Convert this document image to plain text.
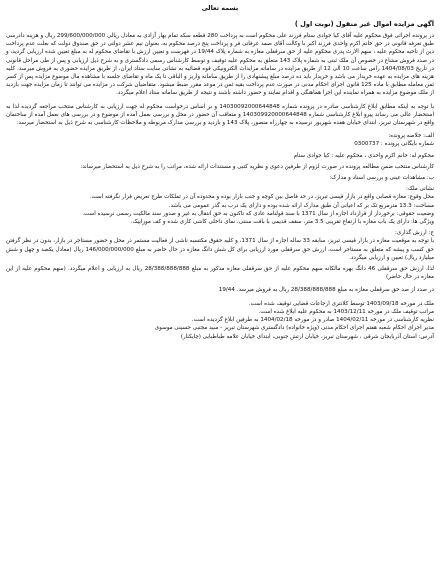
بسمه تعالی
آگهی مزایده اموال غیر منقول (نوبت اول )

در پرونده اجرائی فوق محکوم علیه آقای کیا جوادی ستام فرزند علی محکوم است به پرداخت 280 قطعه سکه تمام بهار آزادی به معادل ریالی 299/600/000/000 ریال و هزینه دادرسی طبق تعرفه قانونی در حق خانم اکرم واحدی فرزند اکبر با وکالت آقای صمد عرفانی فر و پرداخت پنج درصد محکوم به، بعنوان نیم عشر دولتی در حق صندوق دولت که بعلت عدم پرداخت دین از ناحیه محکوم علیه ، سهم الارث پدری محکوم علیه از حق سرقفلی مغازه به شماره پلاک 19/44 در فهرست و تعیین ارزش با تقاضای محکوم له به مبلغ تعیین شده ارزیابی گردید، و در صدد فروش مشاع در خصوص آن ملک ثبتی به شماره پلاک 143 متعلق به محکوم علیه توقیف و توسط کارشناس رسمی دادگستری و به شرح ذیل ارزیابی و پس از طی مراحل قانونی در تاریخ 1404/08/03 راس ساعت 10 الی 12 از طریق مزایده در سامانه مزایدات الکترونیکی قوه قضائیه به نشانی سایت ستاد ایران، از طریق مزایده حضوری به فروش میرسد. کلیه هزینه های مزایده به عهده خریدار می باشد و خریدار باید ده درصد مبلغ پیشنهادی را از طریق سامانه واریز و الباقی تا یک ماه و تقاضای جلسه با مشاهده مال موضوع مزایده پس از کسر ثمن معامله مطابق با ماده 125 قانون اجرای احکام مدنی در صورت عدم پرداخت بقیه ثمن در موعد مقرر ضبط میشود. متقاضیان شرکت در مزایده می توانند تا زمان مزایده جهت بازدید از ملک موضوع مزایده به همراه نماینده این اجرا هماهنگی و اقدام نمایند و حضور داشته باشند و نتیجه از طریق سامانه ستاد اعلام میگردد.

با توجه به اینکه مطابق ابلاغ کارشناسی صادره در پرونده شماره 14030092000644848 و بر اساس درخواست محکوم له جهت ارزیابی به کارشناس منتخب مراجعه گردیده لذا به استحضار عالی می رساند پیرو ابلاغ کارشناسی شماره 140309920000644848 و متعاقب آن حضور در محل و بررسی بعمل آمده از موضوع و در بررسی های بعمل آمده از ساختمان واقع در شهرستان تبریز، ابتدای خیابان هفده شهریور نرسیده به چهارراه منصور، پلاک 143 و بازدید و بررسی مدارک مربوطه و ملاحظات کارشناسی به شرح ذیل به استحضار میرسد:

الف: خلاصه پرونده:

شماره بایگانی پرونده : 0300737

محکوم له: خانم اکرم واحدی ، محکوم علیه : کیا جوادی ستام

کارشناس منتخب ضمن مطالعه پرونده در صورت لزوم از طرفین دعوی و نظریه کتبی و مستندات ارائه شده، مراتب را به شرح ذیل به استحضار میرساند:

ب: مشاهدات عینی و بررسی اسناد و مدارک:

نشانی ملک:

محل وقوع: مغازه قصابی واقع در بازار قیسی تبریز، در حد فاصل بین کوچه و جنب بازار بوده و محدوده آن در تملکات طرح تعریض قرار نگرفته است.

مساحت: 13.3 مترمربع تک بر که اعیانی آن طبق مدارک ارائه شده بوده و دارای یک درب به گذر عمومی می باشد.

وضعیت حقوقی: برخوردار از قرارداد اجاره از سال 1371 با سند قولنامه عادی که تاکنون به حق انتقال به غیر و صدور سند مالکیت رسمی نرسیده است.

ویژگی ها: دارای یک باب مغازه با ارتفاع تقریبی 3.5 متر، سقف قدیمی با بافت سنتی، نمای داخلی کاشی کاری شده و کف موزاییک.

ج: ارزش گذاری:

با توجه به موقعیت مغازه در بازار قیسی تبریز، سابقه 33 ساله اجاره از سال 1371، و کلیه حقوق مکتسبه ناشی از فعالیت مستمر در محل و حضور مستاجر در بازار، بدون در نظر گرفتن حق کسب و پیشه که متعلق به مستاجر است، ارزش حق سرقفلی مورد ارزیابی برای کل شش دانگ مغازه در حال حاضر به مبلغ 146/000/000/000 ریال (معادل یکصد و چهل و شش میلیارد ریال) تعیین و ارزیابی میگردد.

لذا، ارزش حق سرقفلی 46 دانگ بهره مالکانه سهم محکوم علیه از حق سرقفلی مغازه مذکور به مبلغ 28/388/888/888 ریال به ارزیابی و اعلام میگردد. (سهم محکوم علیه از این مغازه در حال حاضر)

در صدد از صد حق سرقفلی مغازه به مبلغ 28/388/888/888 ریال به فروش میرسد. 19/44

ملک در مورخه 1403/09/18 توسط کلانتری ارجاعات قضایی توقیف شده است.

مراتب توقیف ملک در مورخه 1403/12/11 به محکوم علیه ابلاغ شده است.

نظریه کارشناسی در مورخه 1404/02/11 صادر و در مورخه 1404/02/18 به طرفین ابلاغ گردیده است.

مدیر اجرای احکام شعبه هفتم اجرای احکام مدنی (ویژه خانواده) دادگستری شهرستان تبریز - سید مجتبی حسینی موسوی

آدرس: استان آذربایجان شرقی ، شهرستان تبریز، خیابان ارتش جنوبی، ابتدای خیابان علامه طباطبایی (چایکنار)
